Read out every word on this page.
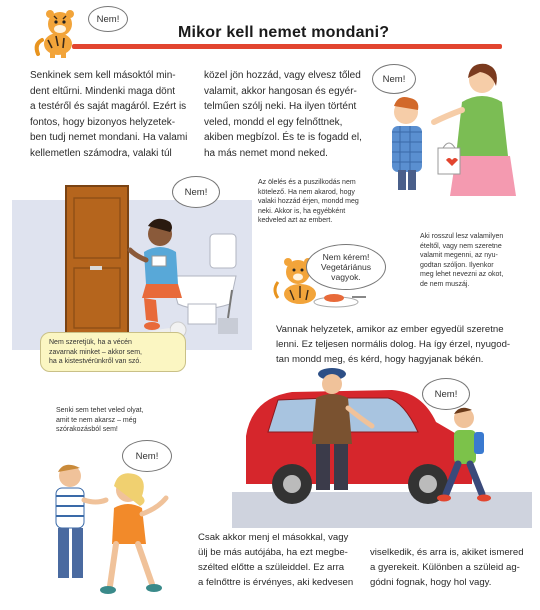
Nem!
Mikor kell nemet mondani?
Senkinek sem kell másoktól min-
dent eltűrni. Mindenki maga dönt
a testéről és saját magáról. Ezért is
fontos, hogy bizonyos helyzetek-
ben tudj nemet mondani. Ha valami
kellemetlen számodra, valaki túl
közel jön hozzád, vagy elvesz tőled
valamit, akkor hangosan és egyér-
telműen szólj neki. Ha ilyen történt
veled, mondd el egy felnőttnek,
akiben megbízol. És te is fogadd el,
ha más nemet mond neked.
Nem!
Nem!
Nem szeretjük, ha a vécén
zavarnak minket – akkor sem,
ha a kistestvérünkről van szó.
Az ölelés és a puszilkodás nem
kötelező. Ha nem akarod, hogy
valaki hozzád érjen, mondd meg
neki. Akkor is, ha egyébként
kedveled azt az embert.
Aki rosszul lesz valamilyen
ételtől, vagy nem szeretne
valamit megenni, az nyu-
godtan szóljon. Ilyenkor
meg lehet nevezni az okot,
de nem muszáj.
Nem kérem!
Vegetáriánus
vagyok.
Vannak helyzetek, amikor az ember egyedül szeretne
lenni. Ez teljesen normális dolog. Ha így érzel, nyugod-
tan mondd meg, és kérd, hogy hagyjanak békén.
Nem!
Senki sem tehet veled olyat,
amit te nem akarsz – még
szórakozásból sem!
Nem!
Csak akkor menj el másokkal, vagy
ülj be más autójába, ha ezt megbe-
szélted előtte a szüleiddel. Ez arra
a felnőttre is érvényes, aki kedvesen
viselkedik, és arra is, akiket ismered
a gyerekeit. Különben a szüleid ag-
gódni fognak, hogy hol vagy.
